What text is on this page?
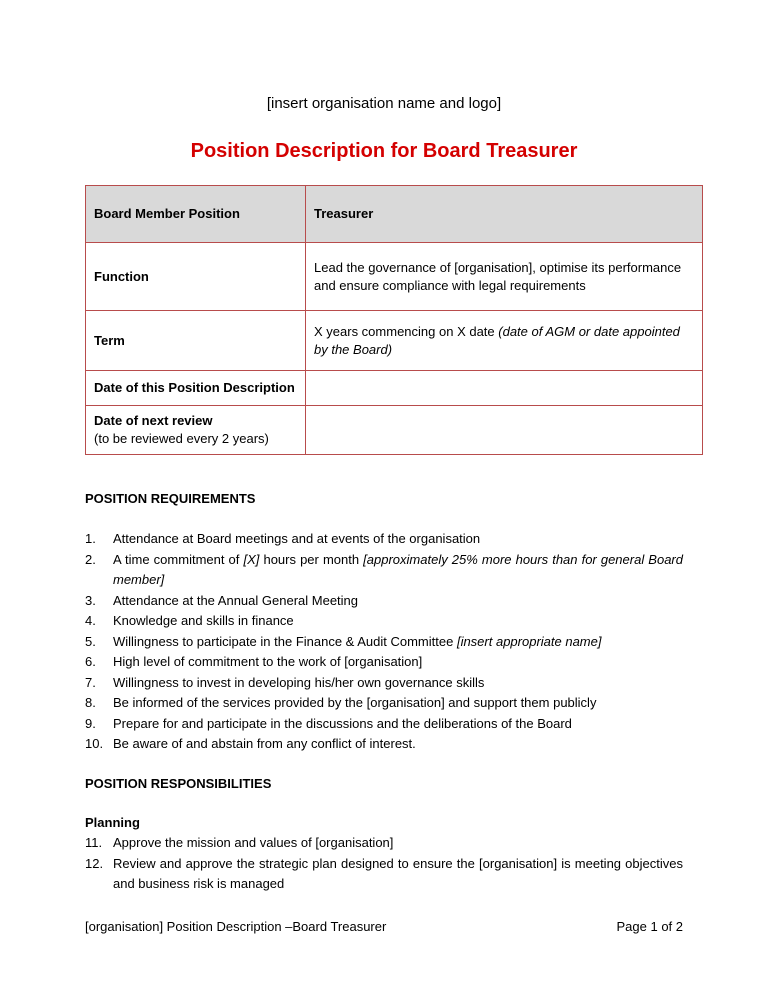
[insert organisation name and logo]
Position Description for Board Treasurer
Board Member Position	Treasurer
Function	Lead the governance of [organisation], optimise its performance and ensure compliance with legal requirements
Term	X years commencing on X date (date of AGM or date appointed by the Board)
Date of this Position Description	

Date of next review
(to be reviewed every 2 years)	

POSITION REQUIREMENTS
1.	Attendance at Board meetings and at events of the organisation
2.	A time commitment of [X] hours per month [approximately 25% more hours than for general Board member]
3.	Attendance at the Annual General Meeting
4.	Knowledge and skills in finance
5.	Willingness to participate in the Finance & Audit Committee [insert appropriate name]
6.	High level of commitment to the work of [organisation]
7.	Willingness to invest in developing his/her own governance skills
8.	Be informed of the services provided by the [organisation] and support them publicly
9.	Prepare for and participate in the discussions and the deliberations of the Board
10. Be aware of and abstain from any conflict of interest.
POSITION RESPONSIBILITIES
Planning
11. Approve the mission and values of [organisation]
12. Review and approve the strategic plan designed to ensure the [organisation] is meeting objectives and business risk is managed
[organisation] Position Description –Board Treasurer	Page 1 of 2
